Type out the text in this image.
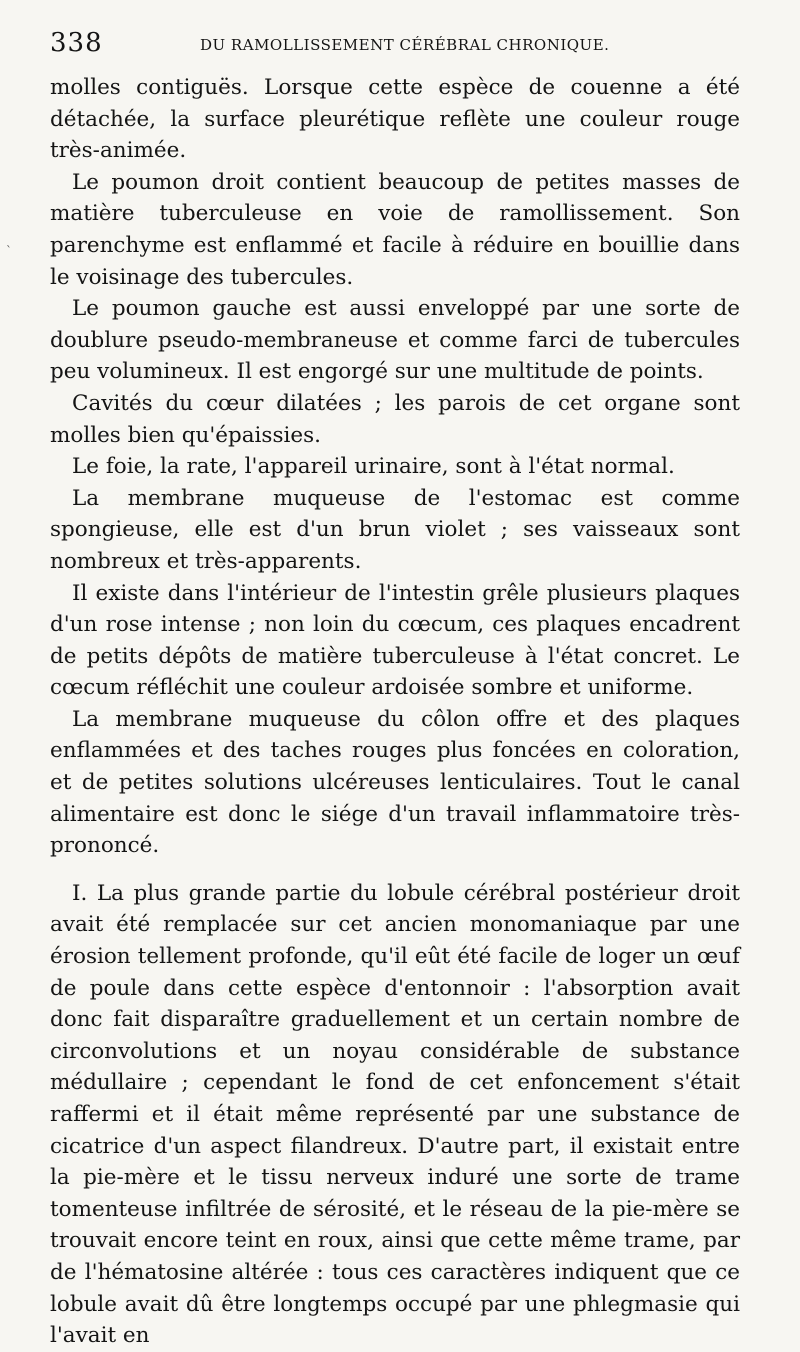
338	DU RAMOLLISSEMENT CÉRÉBRAL CHRONIQUE.
`

molles contiguës. Lorsque cette espèce de couenne a été détachée, la surface pleurétique reflète une couleur rouge très-animée.

Le poumon droit contient beaucoup de petites masses de matière tuberculeuse en voie de ramollissement. Son parenchyme est enflammé et facile à réduire en bouillie dans le voisinage des tubercules.

Le poumon gauche est aussi enveloppé par une sorte de doublure pseudo-membraneuse et comme farci de tubercules peu volumineux. Il est engorgé sur une multitude de points.

Cavités du cœur dilatées ; les parois de cet organe sont molles bien qu'épaissies.

Le foie, la rate, l'appareil urinaire, sont à l'état normal.

La membrane muqueuse de l'estomac est comme spongieuse, elle est d'un brun violet ; ses vaisseaux sont nombreux et très-apparents.

Il existe dans l'intérieur de l'intestin grêle plusieurs plaques d'un rose intense ; non loin du cœcum, ces plaques encadrent de petits dépôts de matière tuberculeuse à l'état concret. Le cœcum réfléchit une couleur ardoisée sombre et uniforme.

La membrane muqueuse du côlon offre et des plaques enflammées et des taches rouges plus foncées en coloration, et de petites solutions ulcéreuses lenticulaires. Tout le canal alimentaire est donc le siége d'un travail inflammatoire très-prononcé.

I. La plus grande partie du lobule cérébral postérieur droit avait été remplacée sur cet ancien monomaniaque par une érosion tellement profonde, qu'il eût été facile de loger un œuf de poule dans cette espèce d'entonnoir : l'absorption avait donc fait disparaître graduellement et un certain nombre de circonvolutions et un noyau considérable de substance médullaire ; cependant le fond de cet enfoncement s'était raffermi et il était même représenté par une substance de cicatrice d'un aspect filandreux. D'autre part, il existait entre la pie-mère et le tissu nerveux induré une sorte de trame tomenteuse infiltrée de sérosité, et le réseau de la pie-mère se trouvait encore teint en roux, ainsi que cette même trame, par de l'hématosine altérée : tous ces caractères indiquent que ce lobule avait dû être longtemps occupé par une phlegmasie qui l'avait en
